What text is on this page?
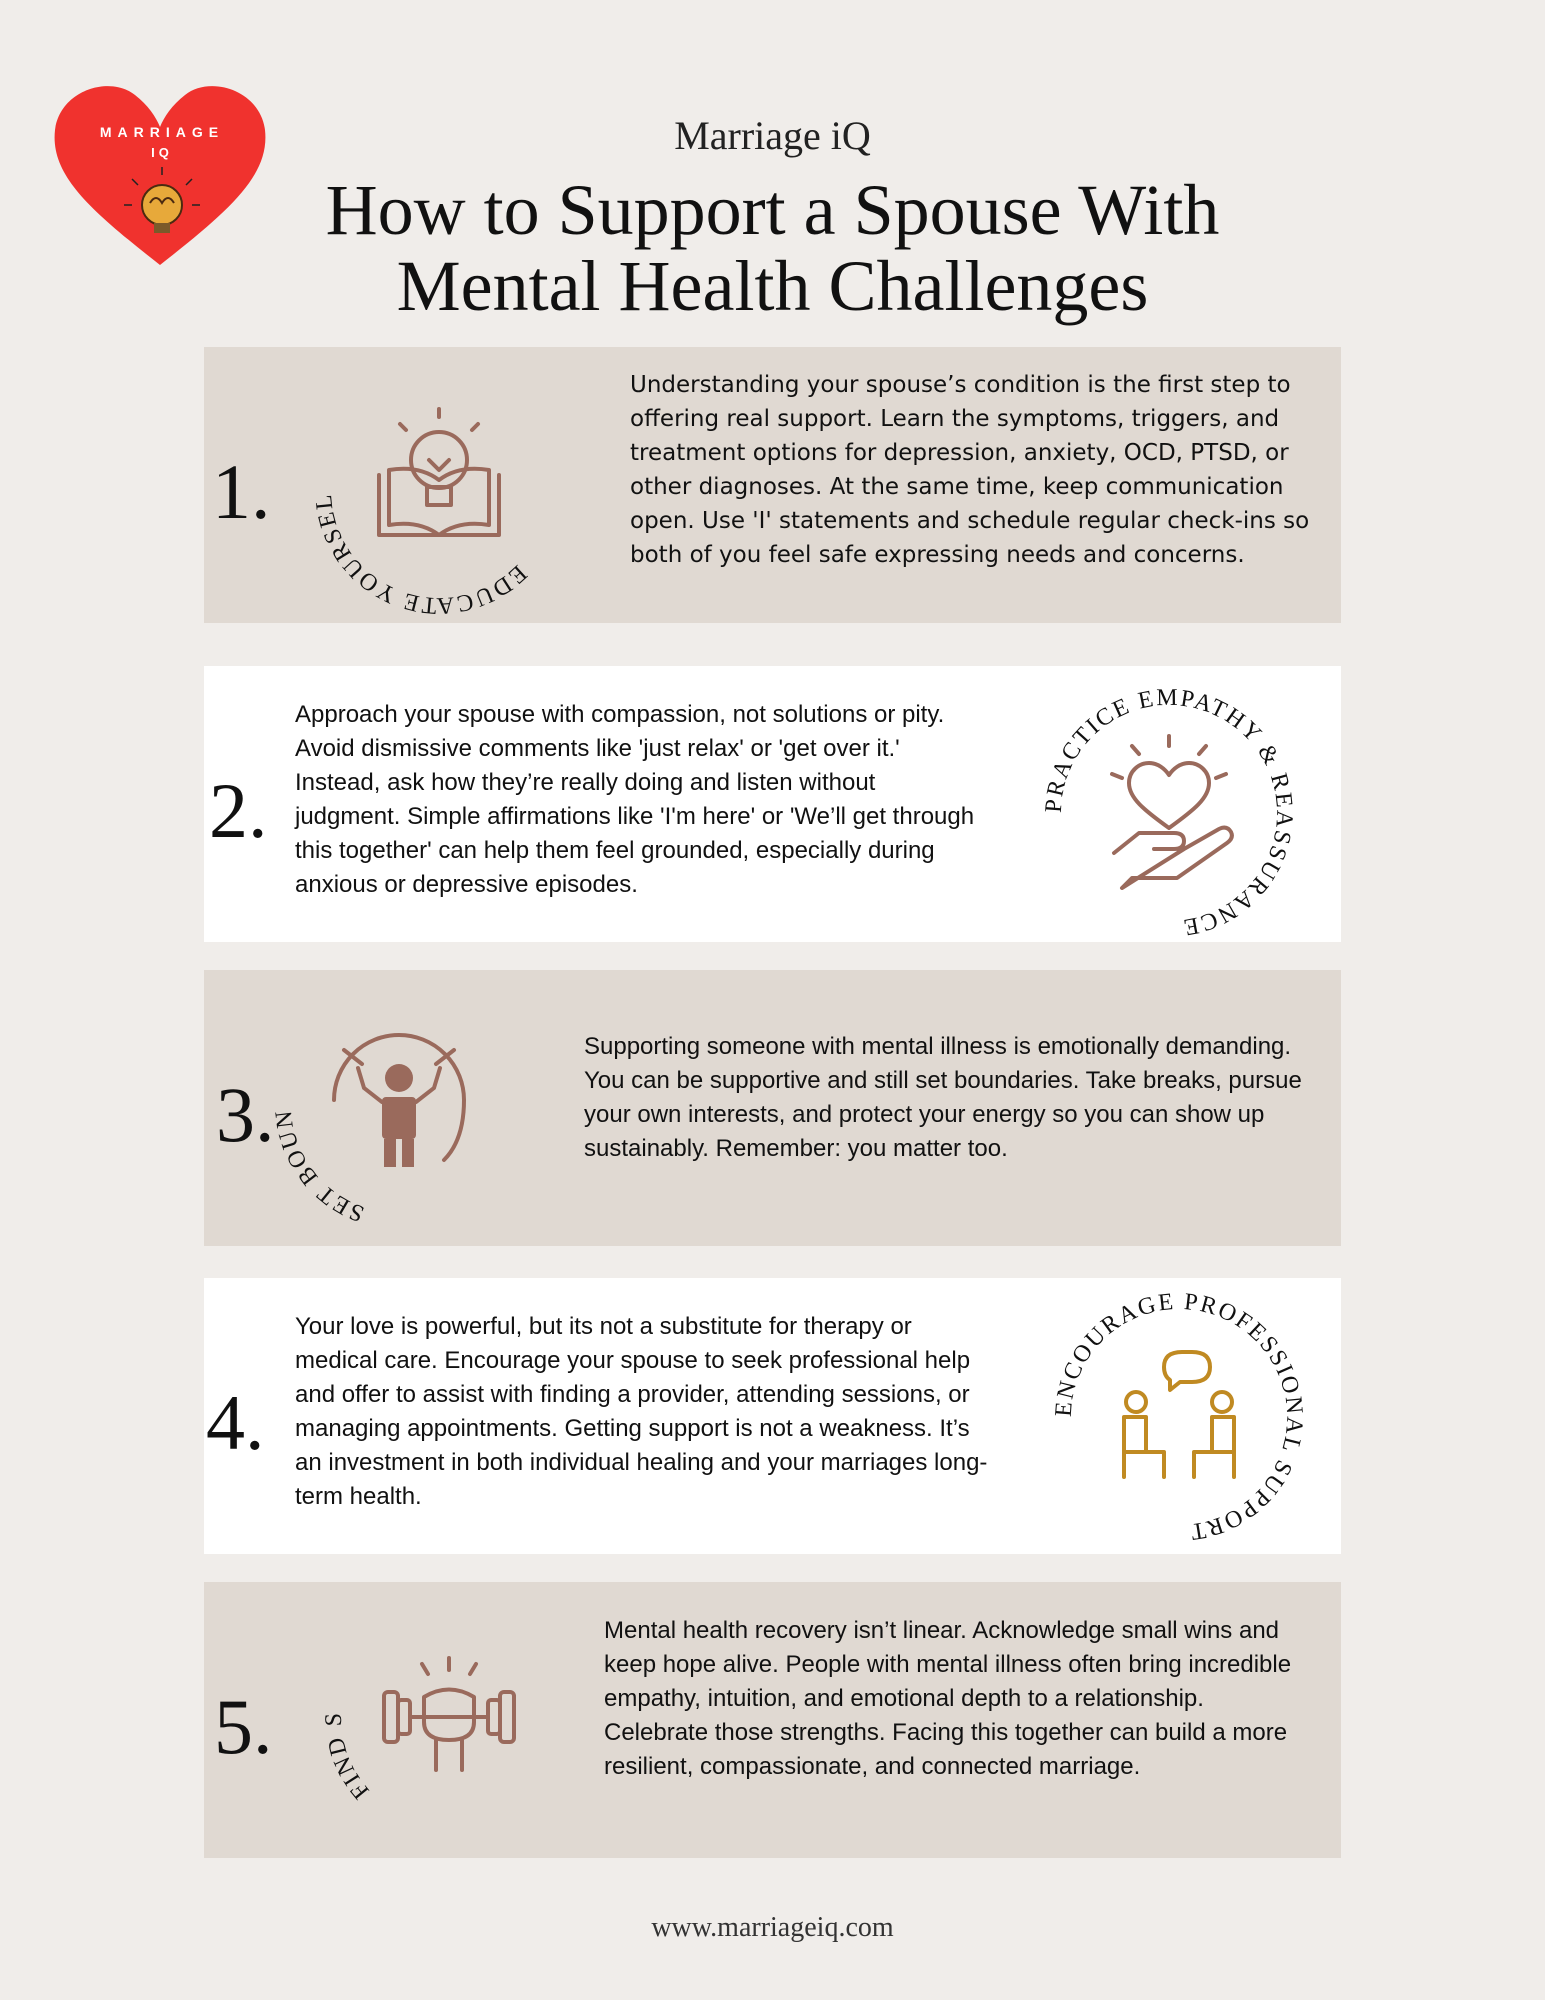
MARRIAGE
IQ	Marriage iQ
How to Support a Spouse With
Mental Health Challenges
1.
EDUCATE YOURSE
Understanding your spouse’s condition is the first step to offering real support. Learn the symptoms, triggers, and treatment options for depression, anxiety, OCD, PTSD, or other diagnoses. At the same time, keep communication open. Use 'I' statements and schedule regular check-ins so both of you feel safe expressing needs and concerns.
2.
Approach your spouse with compassion, not solutions or pity. Avoid dismissive comments like 'just relax' or 'get over it.' Instead, ask how they’re really doing and listen without judgment. Simple affirmations like 'I'm here' or 'We’ll get through this together' can help them feel grounded, especially during anxious or depressive episodes.
RACTICE EMPATHY & R SSURANCE
3.
SET BOU
Supporting someone with mental illness is emotionally demanding. You can be supportive and still set boundaries. Take breaks, pursue your own interests, and protect your energy so you can show up sustainably. Remember: you matter too.
4.
Your love is powerful, but its not a substitute for therapy or medical care. Encourage your spouse to seek professional help and offer to assist with finding a provider, attending sessions, or managing appointments. Getting support is not a weakness. It’s an investment in both individual healing and your marriages long-term health.
NCOURAGE PROFESSIO L SUPPORT
5.
FIND
Mental health recovery isn’t linear. Acknowledge small wins and keep hope alive. People with mental illness often bring incredible empathy, intuition, and emotional depth to a relationship. Celebrate those strengths. Facing this together can build a more resilient, compassionate, and connected marriage.
www.marriageiq.com
